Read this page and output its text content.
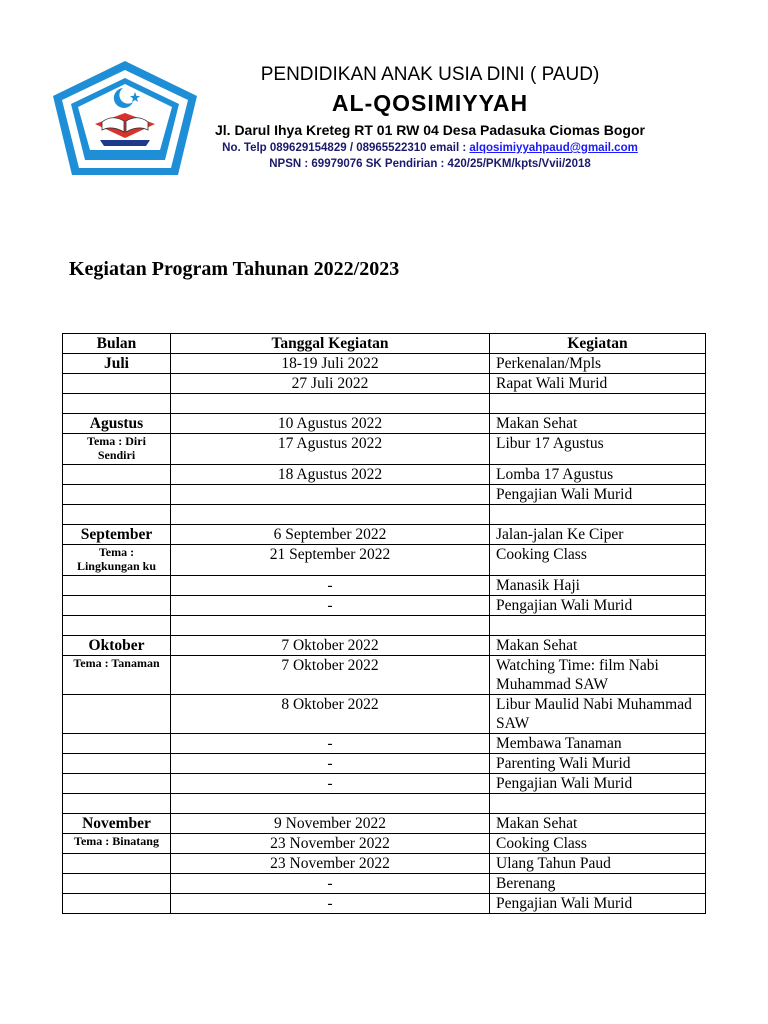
PENDIDIKAN ANAK USIA DINI ( PAUD)
AL-QOSIMIYYAH
Jl. Darul Ihya Kreteg RT 01 RW 04 Desa Padasuka Ciomas Bogor
No. Telp 089629154829 / 08965522310 email : alqosimiyyahpaud@gmail.com
NPSN : 69979076 SK Pendirian : 420/25/PKM/kpts/Vvii/2018
Kegiatan Program Tahunan 2022/2023
Bulan	Tanggal Kegiatan	Kegiatan
Juli	18-19 Juli 2022	Perkenalan/Mpls
	27 Juli 2022	Rapat Wali Murid

Agustus	10 Agustus 2022	Makan Sehat

Tema : Diri Sendiri	17 Agustus 2022	Libur 17 Agustus
	18 Agustus 2022	Lomba 17 Agustus
		Pengajian Wali Murid

September	6 September 2022	Jalan-jalan Ke Ciper

Tema : Lingkungan ku	21 September 2022	Cooking Class
	-	Manasik Haji
	-	Pengajian Wali Murid

Oktober	7 Oktober 2022	Makan Sehat

Tema : Tanaman	7 Oktober 2022	Watching Time: film Nabi Muhammad SAW
	8 Oktober 2022	Libur Maulid Nabi Muhammad SAW
	-	Membawa Tanaman
	-	Parenting Wali Murid
	-	Pengajian Wali Murid

November	9 November 2022	Makan Sehat

Tema : Binatang	23 November 2022	Cooking Class
	23 November 2022	Ulang Tahun Paud
	-	Berenang
	-	Pengajian Wali Murid
